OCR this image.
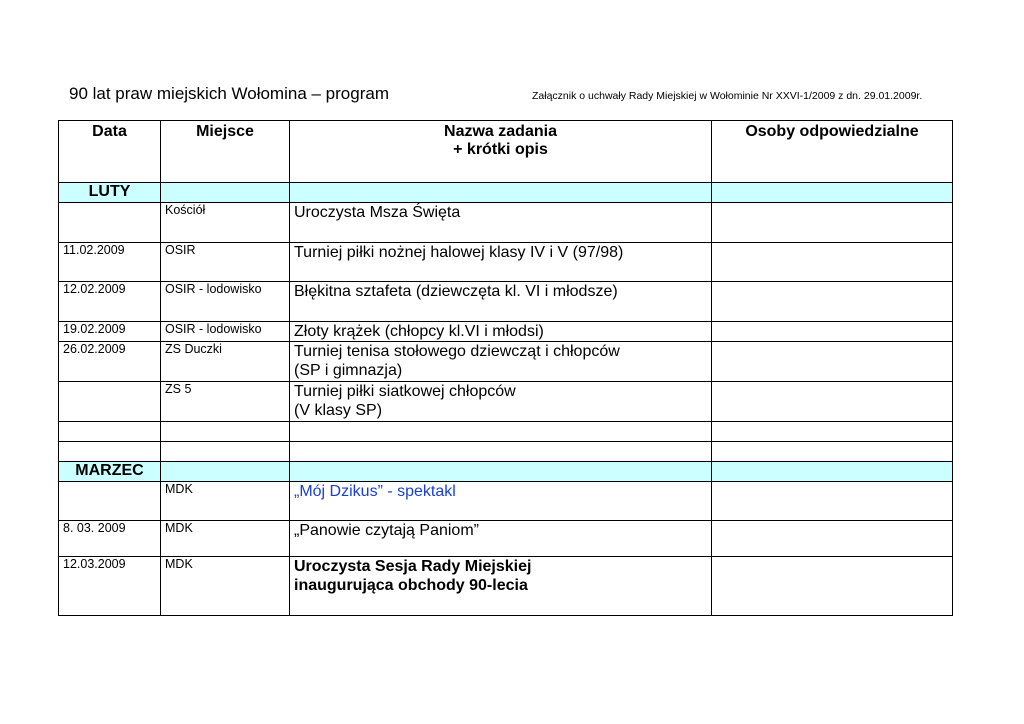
90 lat praw miejskich Wołomina – program	Załącznik o uchwały Rady Miejskiej w Wołominie Nr XXVI-1/2009 z dn. 29.01.2009r.
Data	Miejsce	Nazwa zadania
+ krótki opis	Osoby odpowiedzialne
LUTY			
	Kościół	Uroczysta Msza Święta	

11.02.2009	OSIR	Turniej piłki nożnej halowej klasy IV i V (97/98)	

12.02.2009	OSIR - lodowisko	Błękitna sztafeta (dziewczęta kl. VI i młodsze)	

19.02.2009	OSIR - lodowisko	Złoty krążek (chłopcy kl.VI i młodsi)	

26.02.2009	ZS Duczki	Turniej tenisa stołowego dziewcząt i chłopców
(SP i gimnazja)	

	ZS 5	Turniej piłki siatkowej chłopców
(V klasy SP)	

MARZEC			
	MDK	„Mój Dzikus” - spektakl	

8. 03. 2009	MDK	„Panowie czytają Paniom”	

12.03.2009	MDK	Uroczysta Sesja Rady Miejskiej
inaugurująca obchody 90-lecia	
